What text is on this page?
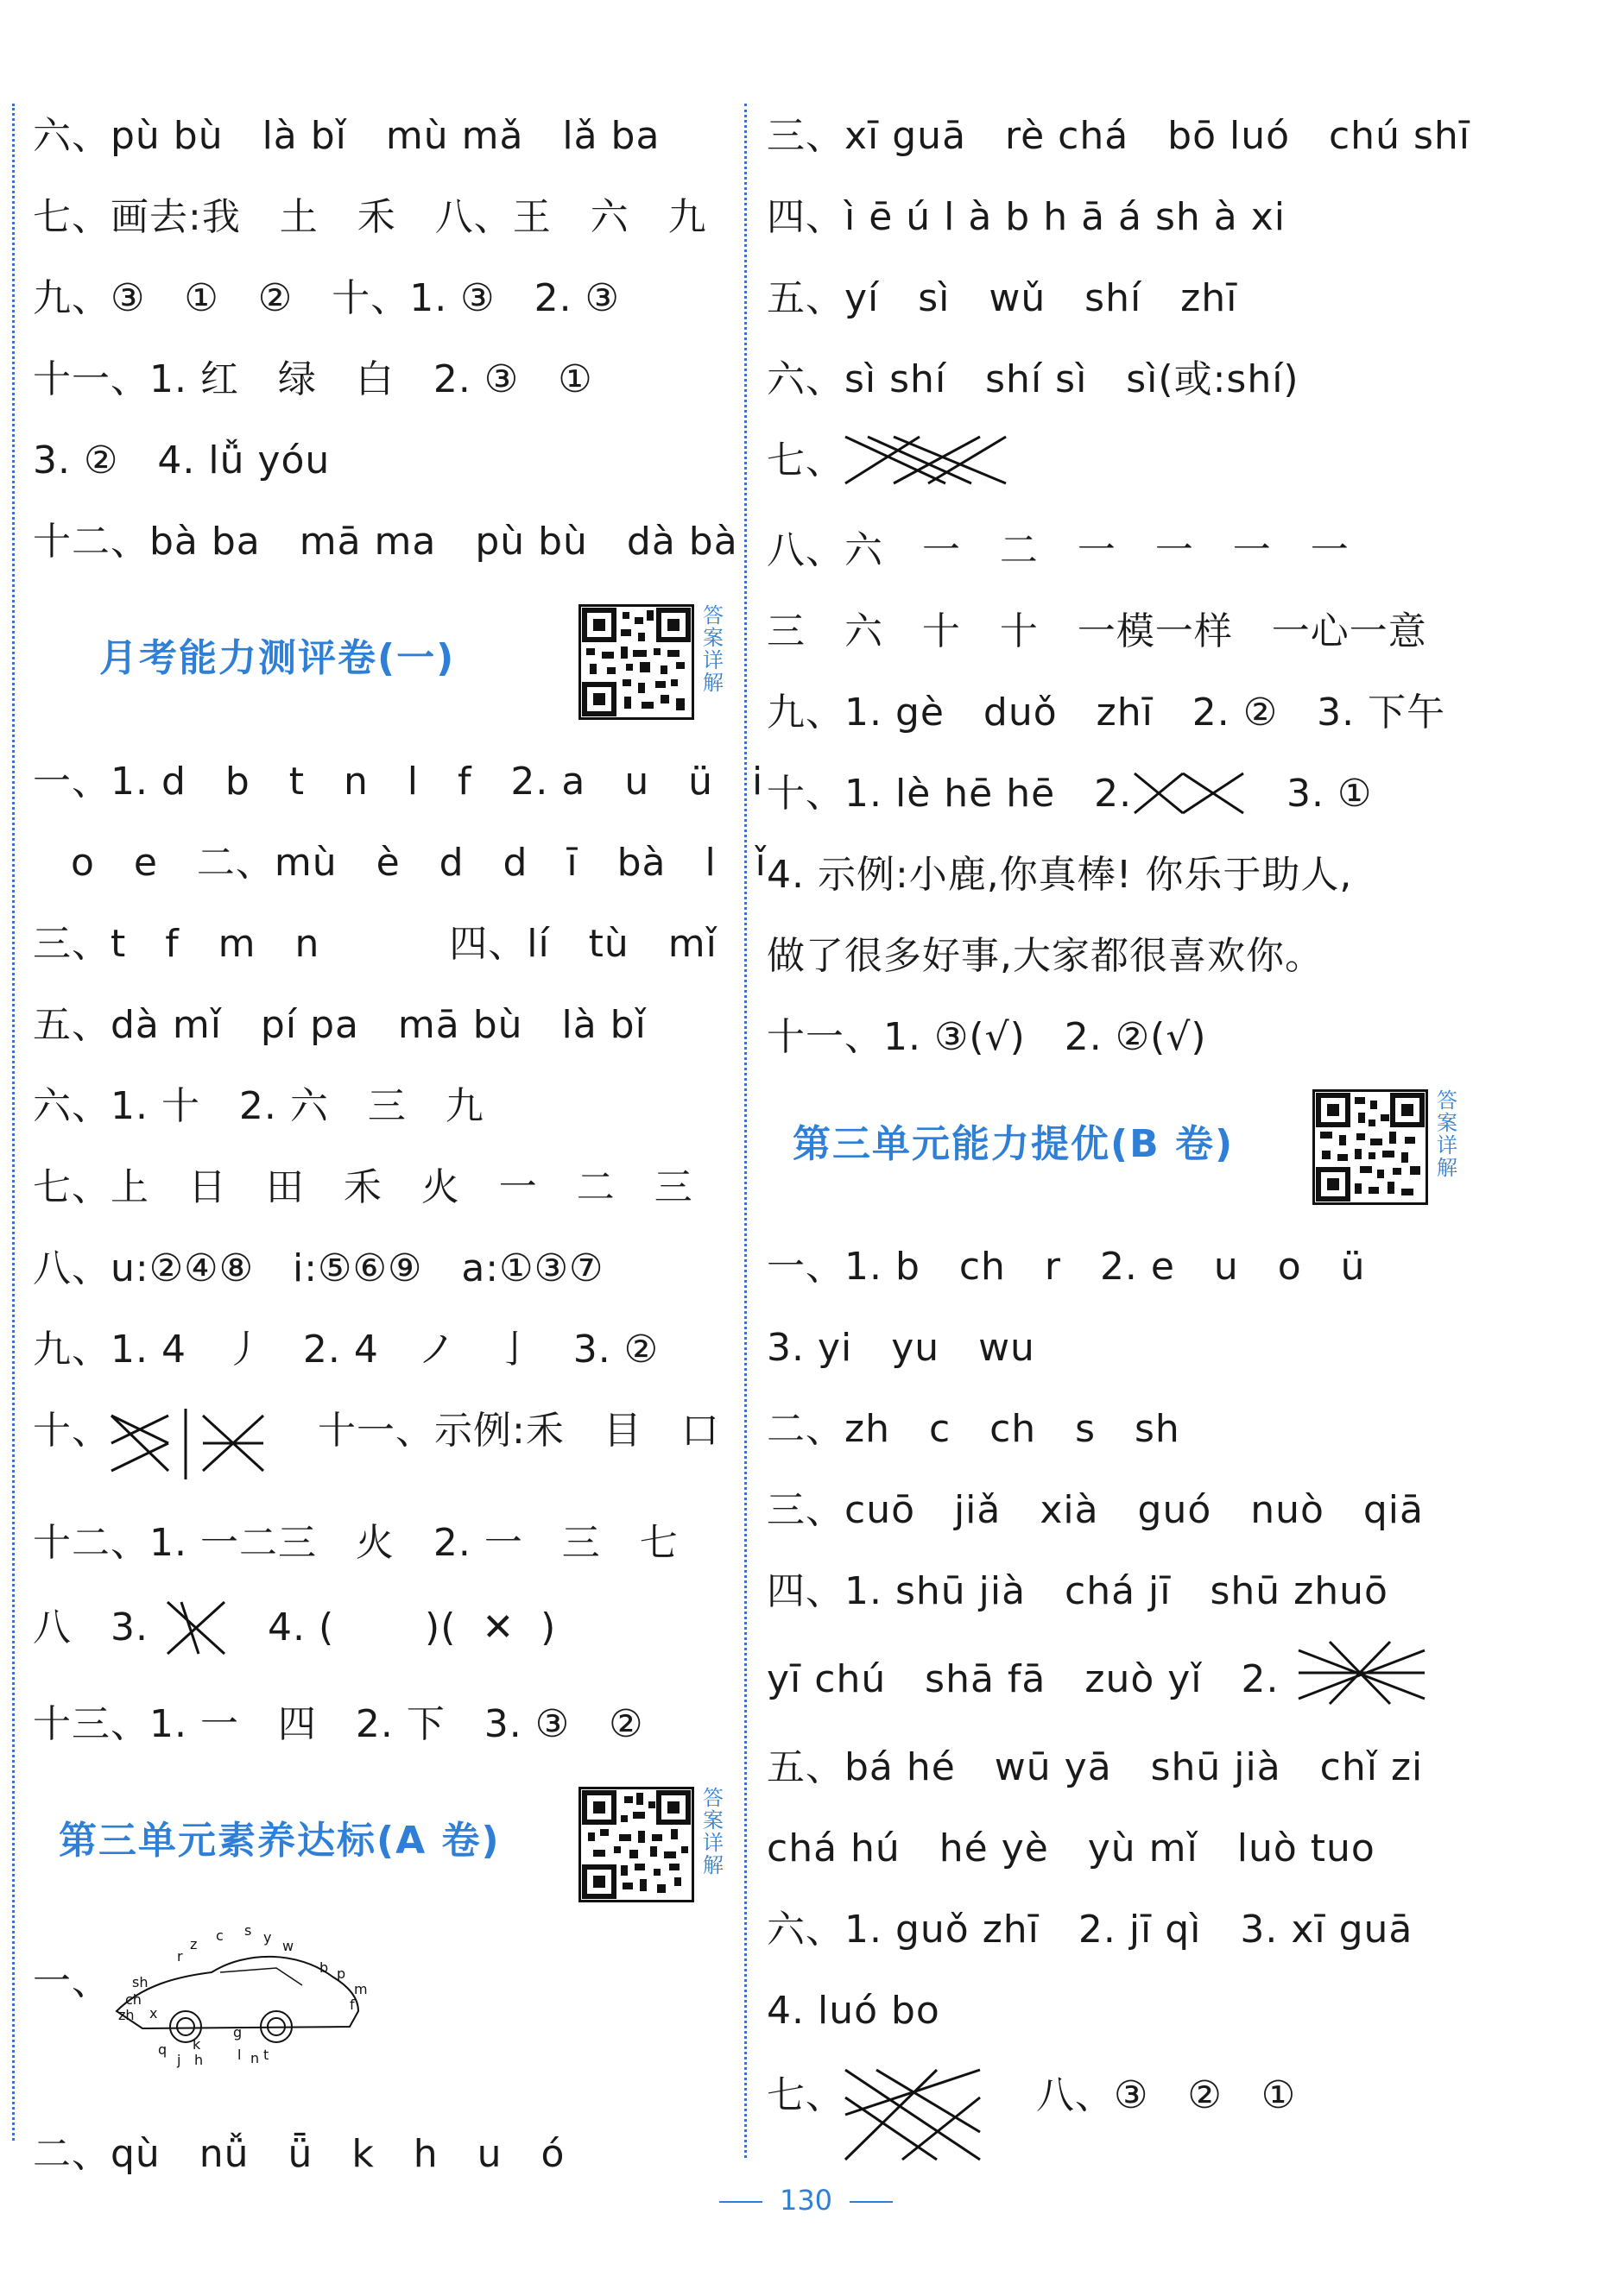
六、pù bù   là bǐ   mù mǎ   lǎ ba
七、画去:我   土   禾   八、王   六   九
九、③   ①   ②   十、1. ③   2. ③
十一、1. 红   绿   白   2. ③   ①
3. ②   4. lǚ yóu
十二、bà ba   mā ma   pù bù   dà bà
月考能力测评卷(一)
答案详解
一、1. d   b   t   n   l   f   2. a   u   ü   i
o   e   二、mù   è   d   d   ī   bà   l   ǐ
三、t   f   m   n          四、lí   tù   mǐ
五、dà mǐ   pí pa   mā bù   là bǐ
六、1. 十   2. 六   三   九
七、上   日   田   禾   火   一   二   三
八、u:②④⑧   i:⑤⑥⑨   a:①③⑦
九、1. 4   丿   2. 4   ノ   亅   3. ②
十、	十一、示例:禾   目   口
十二、1. 一二三   火   2. 一   三   七
八   3.	4. (       )(  ✕  )
十三、1. 一   四   2. 下   3. ③   ②
第三单元素养达标(A 卷)
答案详解
一、
z
c s y
w
r
b p
m
f
sh
ch
zh x
k
g
q
j h l n t
二、qù   nǚ   ǖ   k   h   u   ó
三、xī guā   rè chá   bō luó   chú shī
四、ì ē ú l à b h ā á sh à xi
五、yí   sì   wǔ   shí   zhī
六、sì shí   shí sì   sì(或:shí)
七、
八、六   一   二   一   一   一   一
三   六   十   十   一模一样   一心一意
九、1. gè   duǒ   zhī   2. ②   3. 下午
十、1. lè hē hē   2.	3. ①
4. 示例:小鹿,你真棒! 你乐于助人,
做了很多好事,大家都很喜欢你。
十一、1. ③(√)   2. ②(√)
第三单元能力提优(B 卷)
答案详解
一、1. b   ch   r   2. e   u   o   ü
3. yi   yu   wu
二、zh   c   ch   s   sh
三、cuō   jiǎ   xià   guó   nuò   qiā
四、1. shū jià   chá jī   shū zhuō
yī chú   shā fā   zuò yǐ   2.
五、bá hé   wū yā   shū jià   chǐ zi
chá hú   hé yè   yù mǐ   luò tuo
六、1. guǒ zhī   2. jī qì   3. xī guā
4. luó bo
七、	八、③   ②   ①
130
